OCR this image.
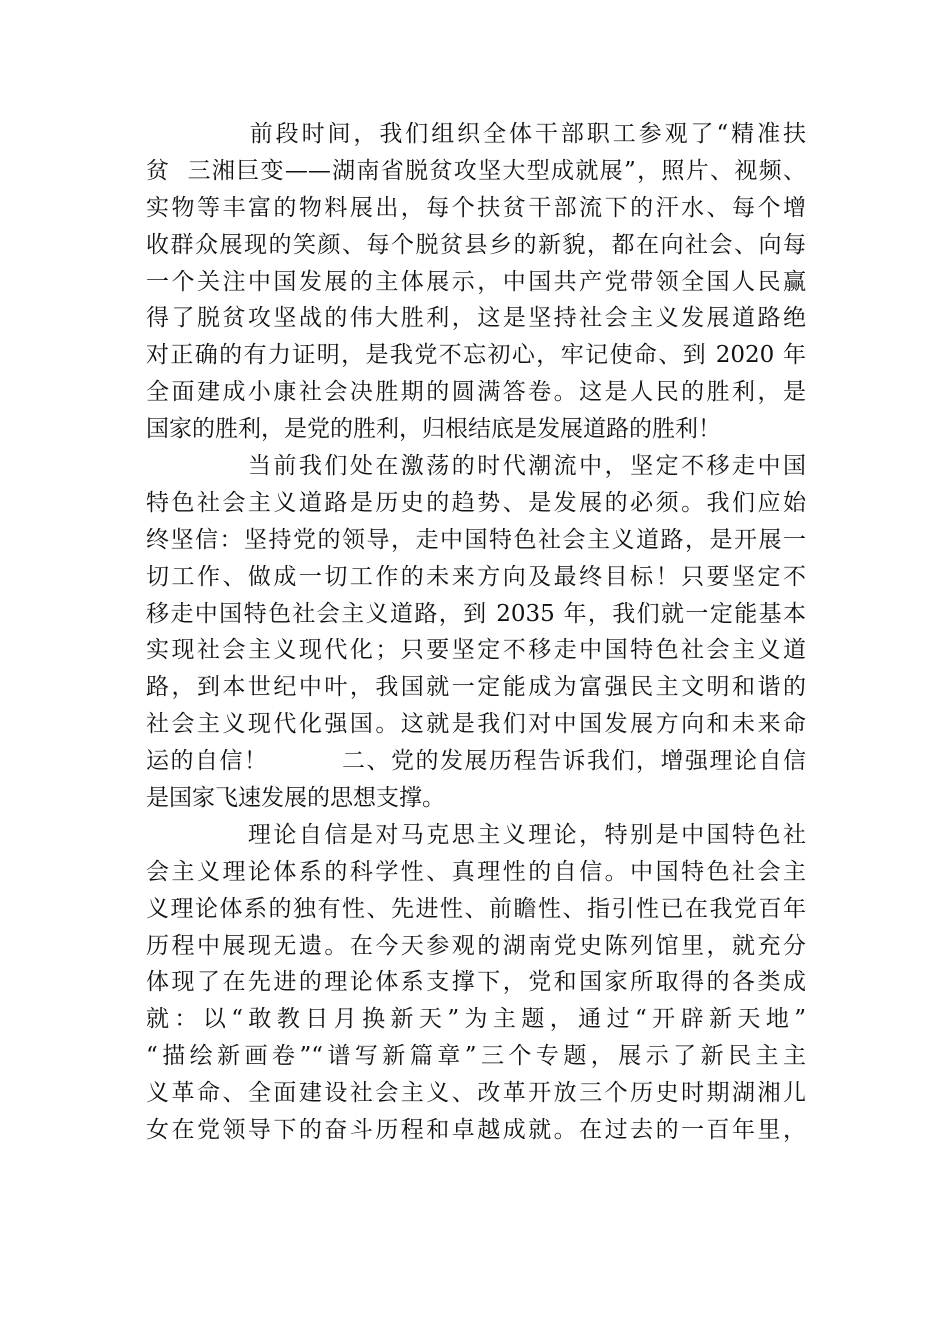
　　　　前段时间，我们组织全体干部职工参观了“精准扶
贫  三湘巨变——湖南省脱贫攻坚大型成就展”，照片、视频、
实物等丰富的物料展出，每个扶贫干部流下的汗水、每个增
收群众展现的笑颜、每个脱贫县乡的新貌，都在向社会、向每
一个关注中国发展的主体展示，中国共产党带领全国人民赢
得了脱贫攻坚战的伟大胜利，这是坚持社会主义发展道路绝
对正确的有力证明，是我党不忘初心，牢记使命、到 2020 年
全面建成小康社会决胜期的圆满答卷。这是人民的胜利，是
国家的胜利，是党的胜利，归根结底是发展道路的胜利！
　　　　当前我们处在激荡的时代潮流中，坚定不移走中国
特色社会主义道路是历史的趋势、是发展的必须。我们应始
终坚信：坚持党的领导，走中国特色社会主义道路，是开展一
切工作、做成一切工作的未来方向及最终目标！只要坚定不
移走中国特色社会主义道路，到 2035 年，我们就一定能基本
实现社会主义现代化；只要坚定不移走中国特色社会主义道
路，到本世纪中叶，我国就一定能成为富强民主文明和谐的
社会主义现代化强国。这就是我们对中国发展方向和未来命
运的自信！　　　二、党的发展历程告诉我们，增强理论自信
是国家飞速发展的思想支撑。
　　　　理论自信是对马克思主义理论，特别是中国特色社
会主义理论体系的科学性、真理性的自信。中国特色社会主
义理论体系的独有性、先进性、前瞻性、指引性已在我党百年
历程中展现无遗。在今天参观的湖南党史陈列馆里，就充分
体现了在先进的理论体系支撑下，党和国家所取得的各类成
就：以“敢教日月换新天”为主题，通过“开辟新天地”
“描绘新画卷”“谱写新篇章”三个专题，展示了新民主主
义革命、全面建设社会主义、改革开放三个历史时期湖湘儿
女在党领导下的奋斗历程和卓越成就。在过去的一百年里，
